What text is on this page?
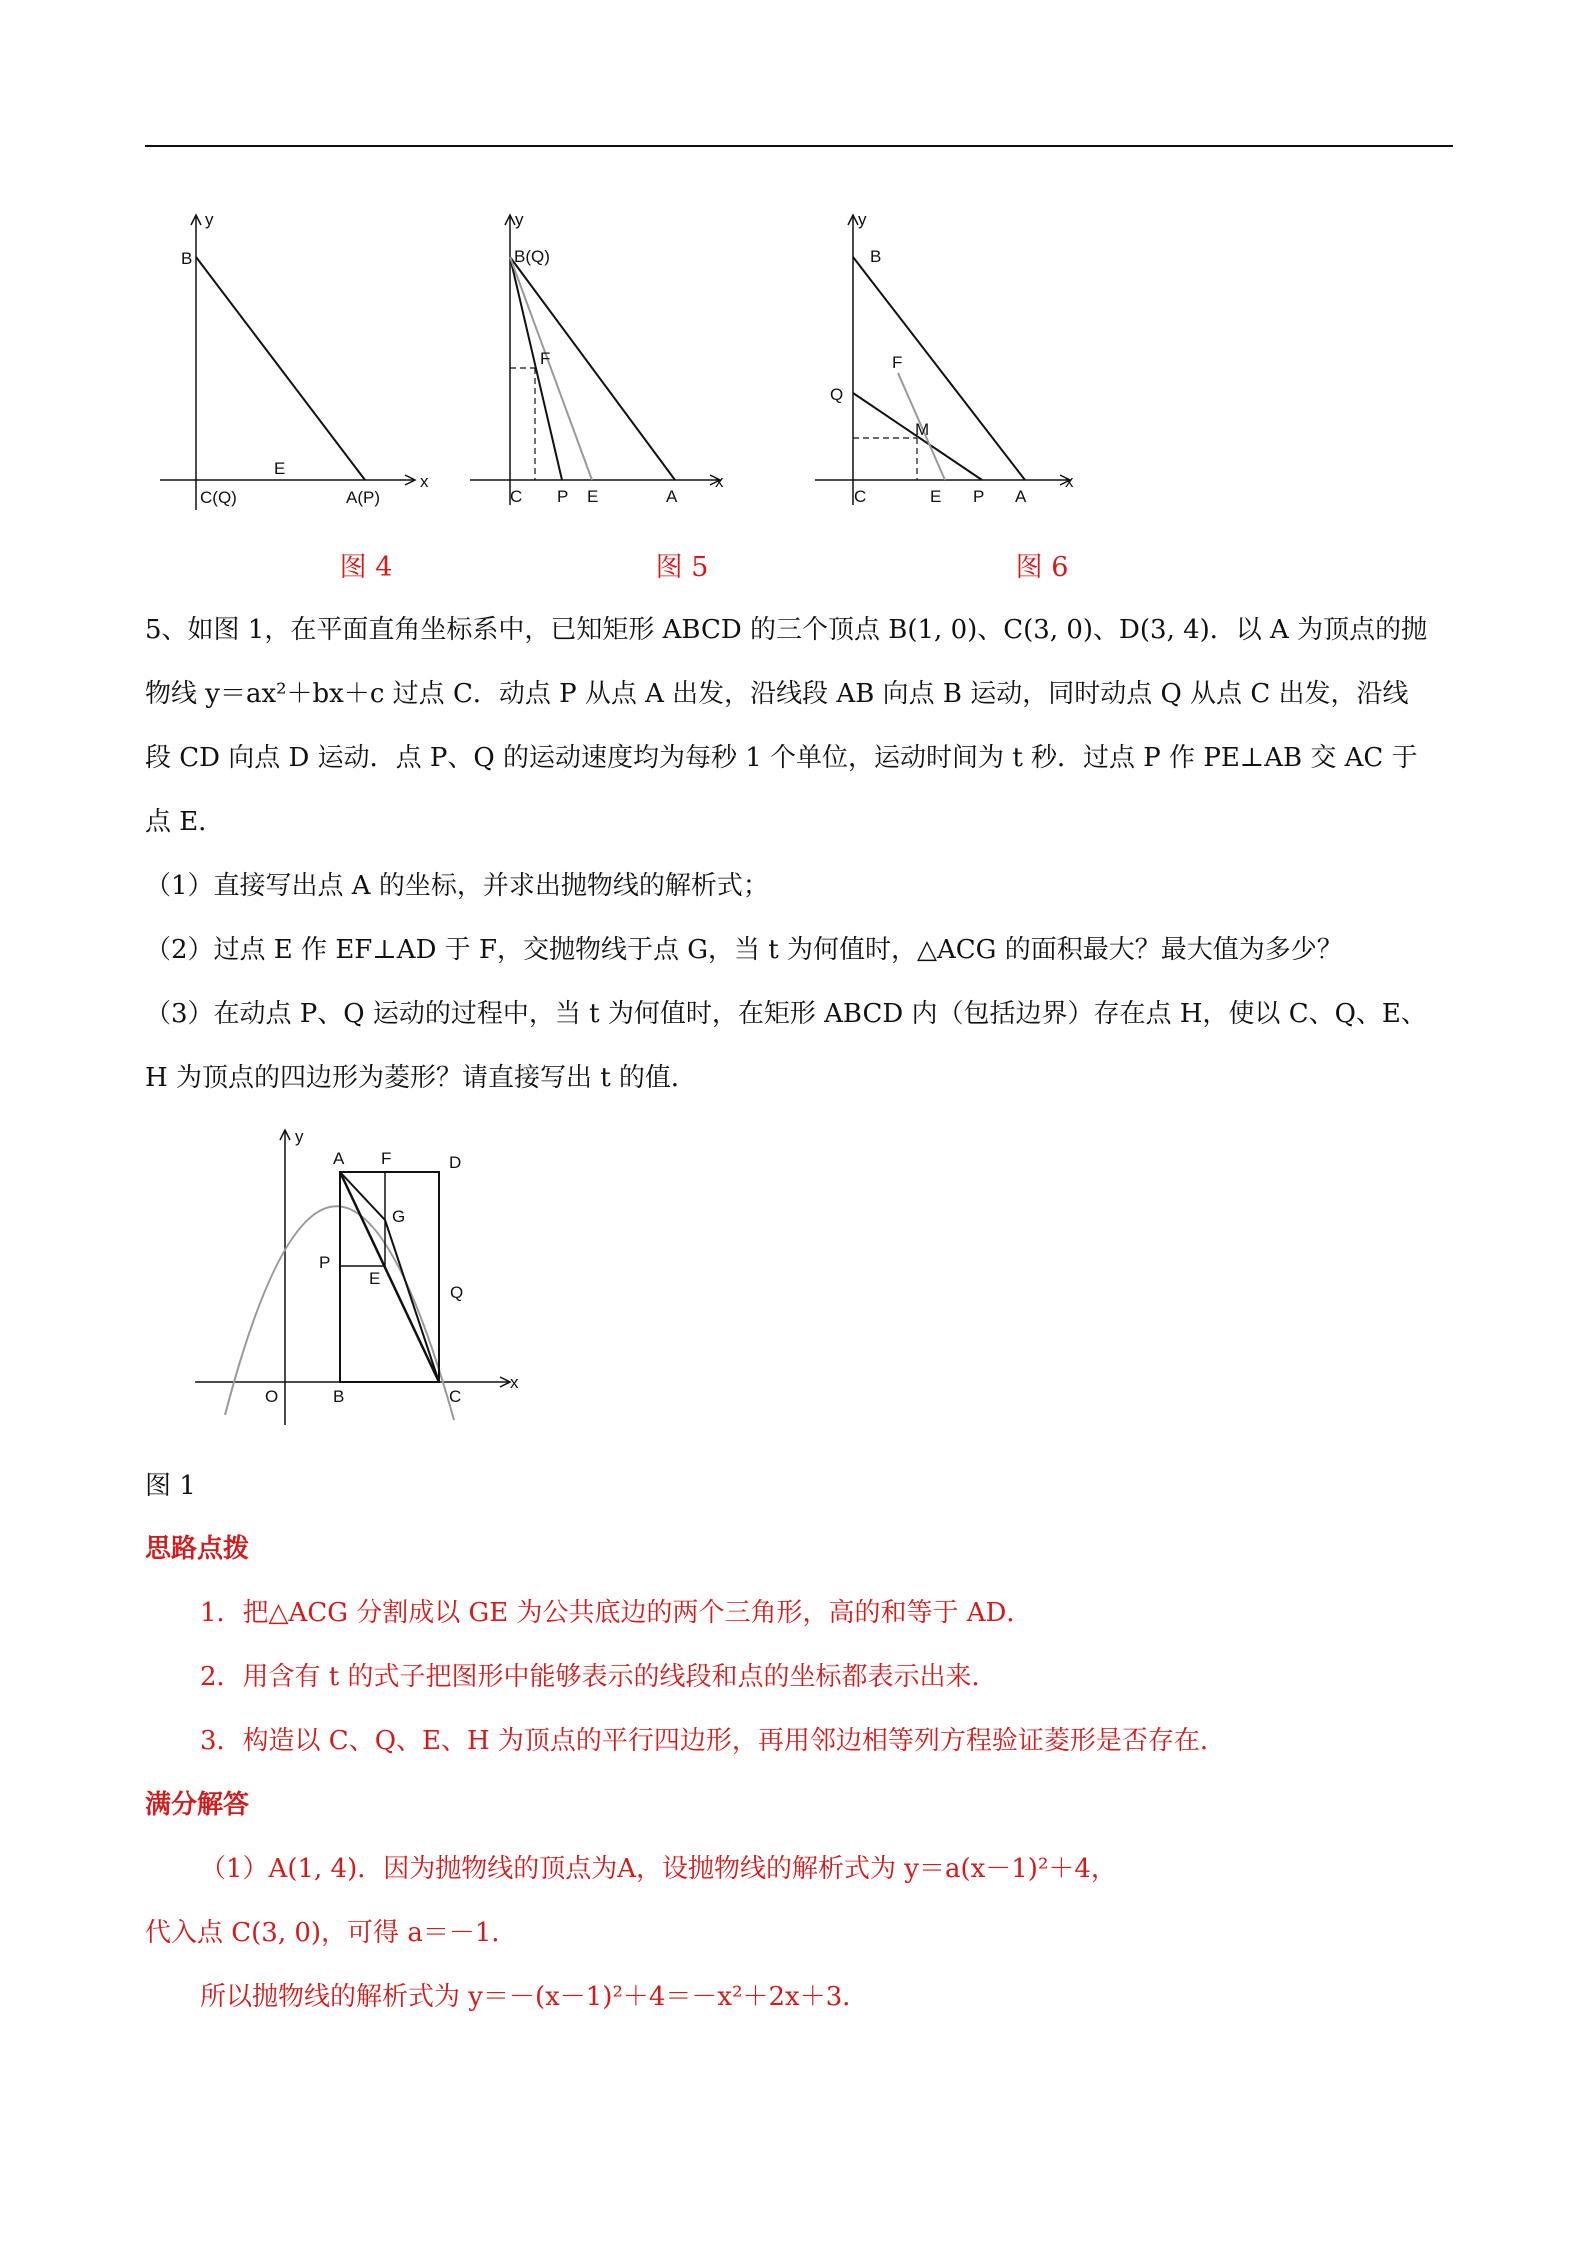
y
x
B
E
C(Q)	A(P)
图 4
y
x
B(Q)
F
C P E	A
图 5
y
x
B
F
Q
M
C	E P A
图 6
5、如图 1，在平面直角坐标系中，已知矩形 ABCD 的三个顶点 B(1, 0)、C(3, 0)、D(3, 4)．以 A 为顶点的抛
物线 y＝ax²＋bx＋c 过点 C．动点 P 从点 A 出发，沿线段 AB 向点 B 运动，同时动点 Q 从点 C 出发，沿线
段 CD 向点 D 运动．点 P、Q 的运动速度均为每秒 1 个单位，运动时间为 t 秒．过点 P 作 PE⊥AB 交 AC 于
点 E．
（1）直接写出点 A 的坐标，并求出抛物线的解析式；
（2）过点 E 作 EF⊥AD 于 F，交抛物线于点 G，当 t 为何值时，△ACG 的面积最大？最大值为多少？
（3）在动点 P、Q 运动的过程中，当 t 为何值时，在矩形 ABCD 内（包括边界）存在点 H，使以 C、Q、E、
H 为顶点的四边形为菱形？请直接写出 t 的值．
y
x
A F	D
G
P
E
Q
O	B	C
图 1
思路点拨
1．把△ACG 分割成以 GE 为公共底边的两个三角形，高的和等于 AD．
2．用含有 t 的式子把图形中能够表示的线段和点的坐标都表示出来．
3．构造以 C、Q、E、H 为顶点的平行四边形，再用邻边相等列方程验证菱形是否存在．
满分解答
（1）A(1, 4)．因为抛物线的顶点为A，设抛物线的解析式为 y＝a(x－1)²＋4，
代入点 C(3, 0)，可得 a＝－1．
所以抛物线的解析式为 y＝－(x－1)²＋4＝－x²＋2x＋3．
